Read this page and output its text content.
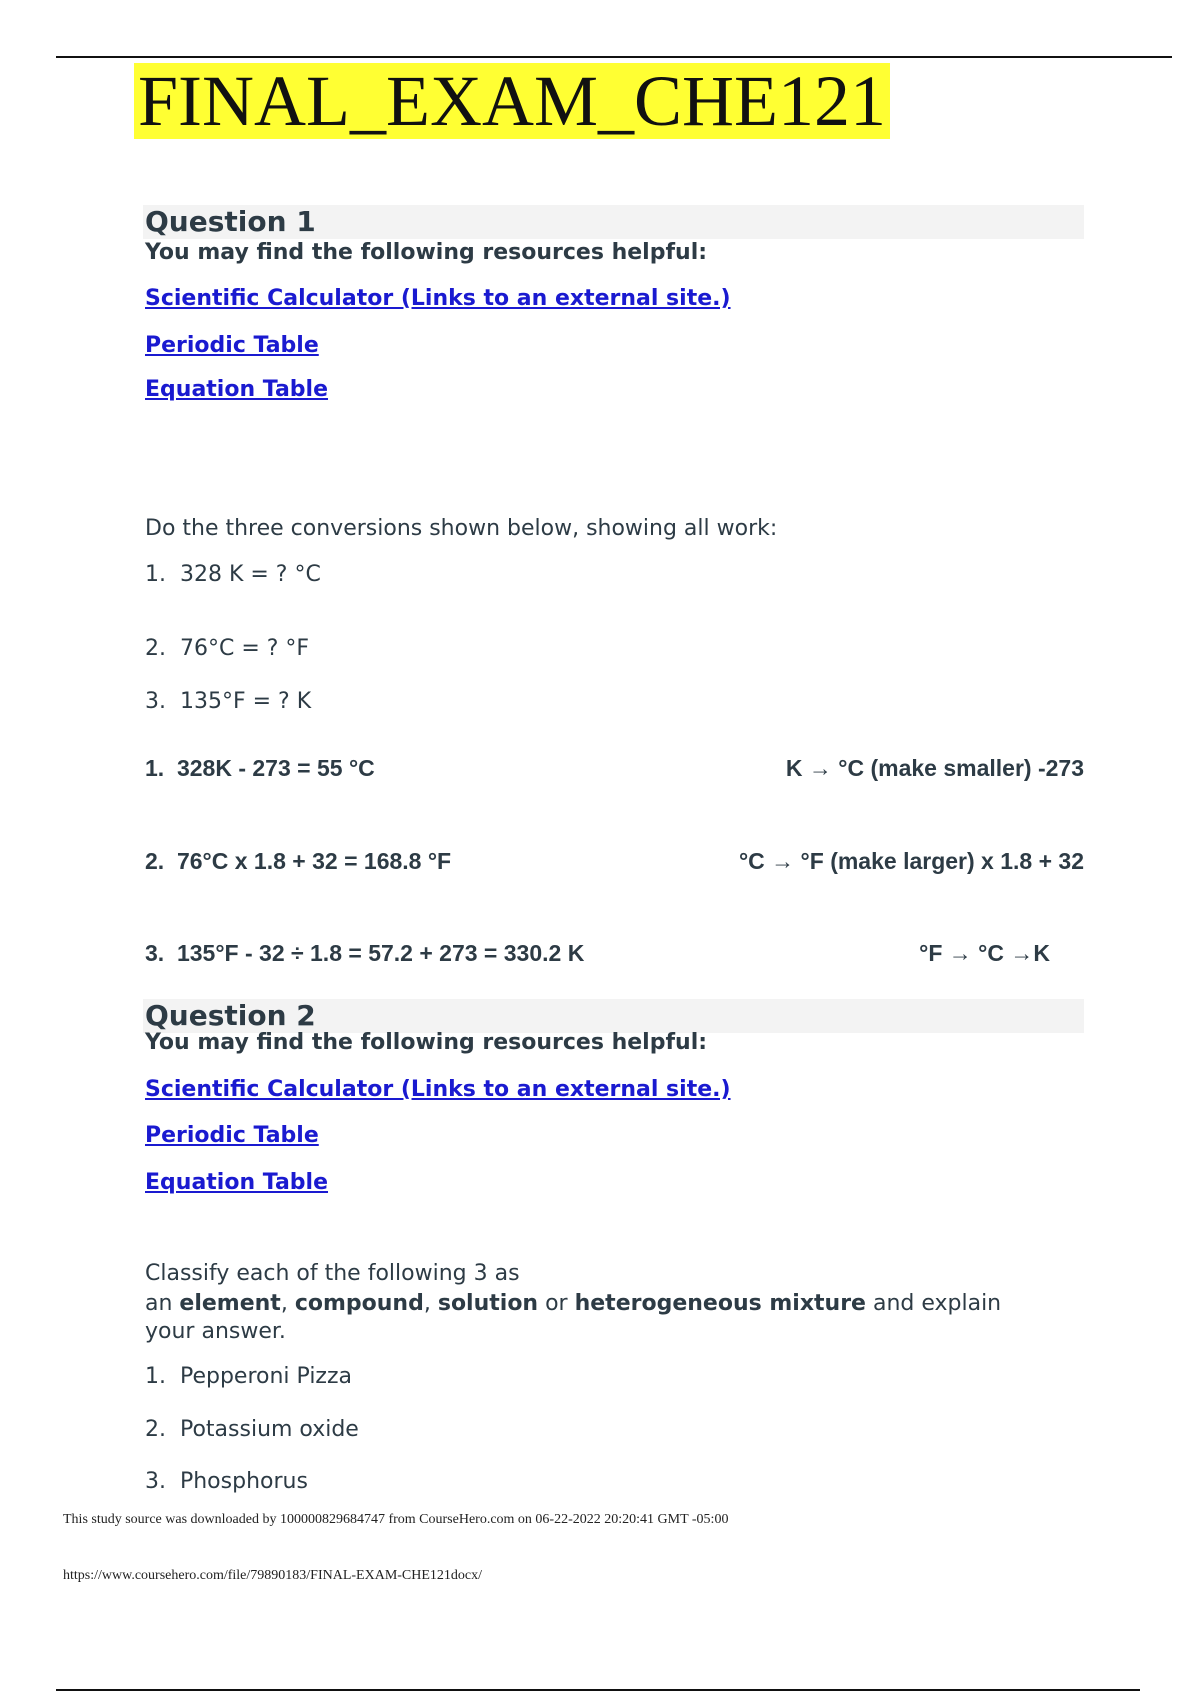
FINAL_EXAM_CHE121
Question 1
You may find the following resources helpful:
Scientific Calculator (Links to an external site.)
Periodic Table
Equation Table
Do the three conversions shown below, showing all work:
1.  328 K = ? °C
2.  76°C = ? °F
3.  135°F = ? K
1.  328K - 273 = 55 °C	K → °C (make smaller) -273
2.  76°C x 1.8 + 32 = 168.8 °F	°C → °F (make larger) x 1.8 + 32
3.  135°F - 32 ÷ 1.8 = 57.2 + 273 = 330.2 K	°F → °C →K
Question 2
You may find the following resources helpful:
Scientific Calculator (Links to an external site.)
Periodic Table
Equation Table
Classify each of the following 3 as
an element, compound, solution or heterogeneous mixture and explain
your answer.
1.  Pepperoni Pizza
2.  Potassium oxide
3.  Phosphorus
This study source was downloaded by 100000829684747 from CourseHero.com on 06-22-2022 20:20:41 GMT -05:00
https://www.coursehero.com/file/79890183/FINAL-EXAM-CHE121docx/
